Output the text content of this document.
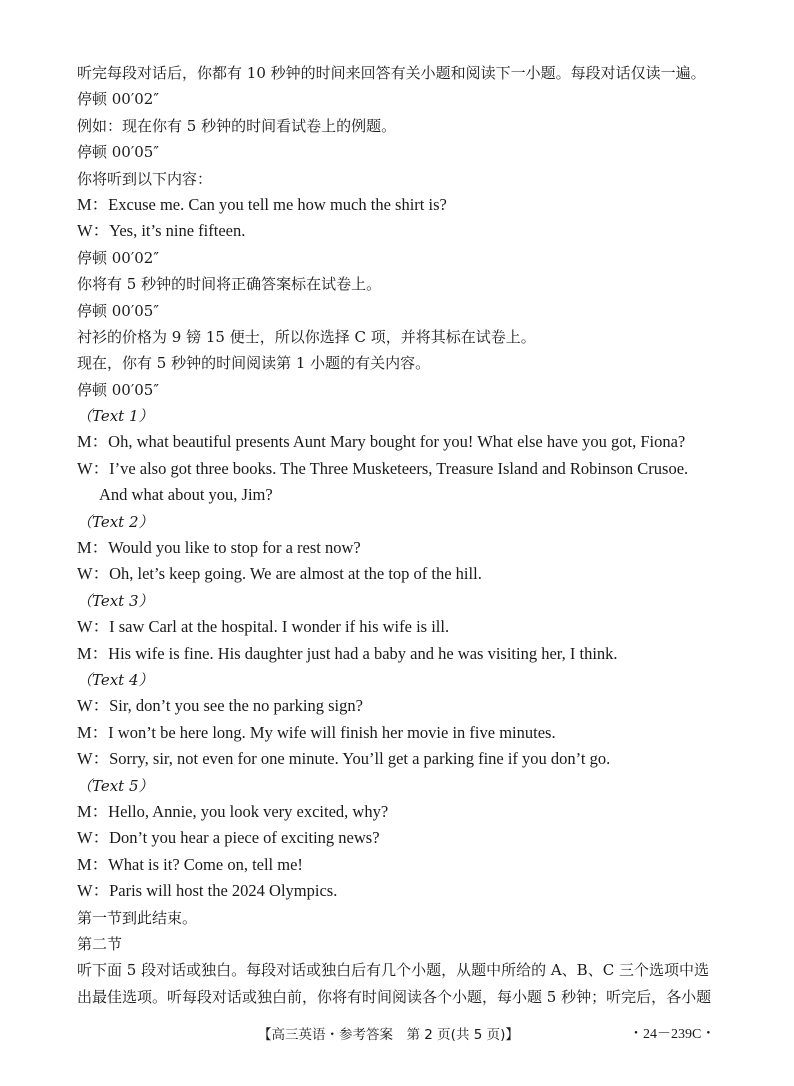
听完每段对话后，你都有 10 秒钟的时间来回答有关小题和阅读下一小题。每段对话仅读一遍。
停顿 00′02″
例如：现在你有 5 秒钟的时间看试卷上的例题。
停顿 00′05″
你将听到以下内容：
M：Excuse me. Can you tell me how much the shirt is?
W：Yes, it’s nine fifteen.
停顿 00′02″
你将有 5 秒钟的时间将正确答案标在试卷上。
停顿 00′05″
衬衫的价格为 9 镑 15 便士，所以你选择 C 项，并将其标在试卷上。
现在，你有 5 秒钟的时间阅读第 1 小题的有关内容。
停顿 00′05″
（Text 1）
M：Oh, what beautiful presents Aunt Mary bought for you! What else have you got, Fiona?
W：I’ve also got three books. The Three Musketeers, Treasure Island and Robinson Crusoe.
And what about you, Jim?
（Text 2）
M：Would you like to stop for a rest now?
W：Oh, let’s keep going. We are almost at the top of the hill.
（Text 3）
W：I saw Carl at the hospital. I wonder if his wife is ill.
M：His wife is fine. His daughter just had a baby and he was visiting her, I think.
（Text 4）
W：Sir, don’t you see the no parking sign?
M：I won’t be here long. My wife will finish her movie in five minutes.
W：Sorry, sir, not even for one minute. You’ll get a parking fine if you don’t go.
（Text 5）
M：Hello, Annie, you look very excited, why?
W：Don’t you hear a piece of exciting news?
M：What is it? Come on, tell me!
W：Paris will host the 2024 Olympics.
第一节到此结束。
第二节
听下面 5 段对话或独白。每段对话或独白后有几个小题，从题中所给的 A、B、C 三个选项中选
出最佳选项。听每段对话或独白前，你将有时间阅读各个小题，每小题 5 秒钟；听完后，各小题
【高三英语・参考答案　第 2 页(共 5 页)】	・24－239C・
